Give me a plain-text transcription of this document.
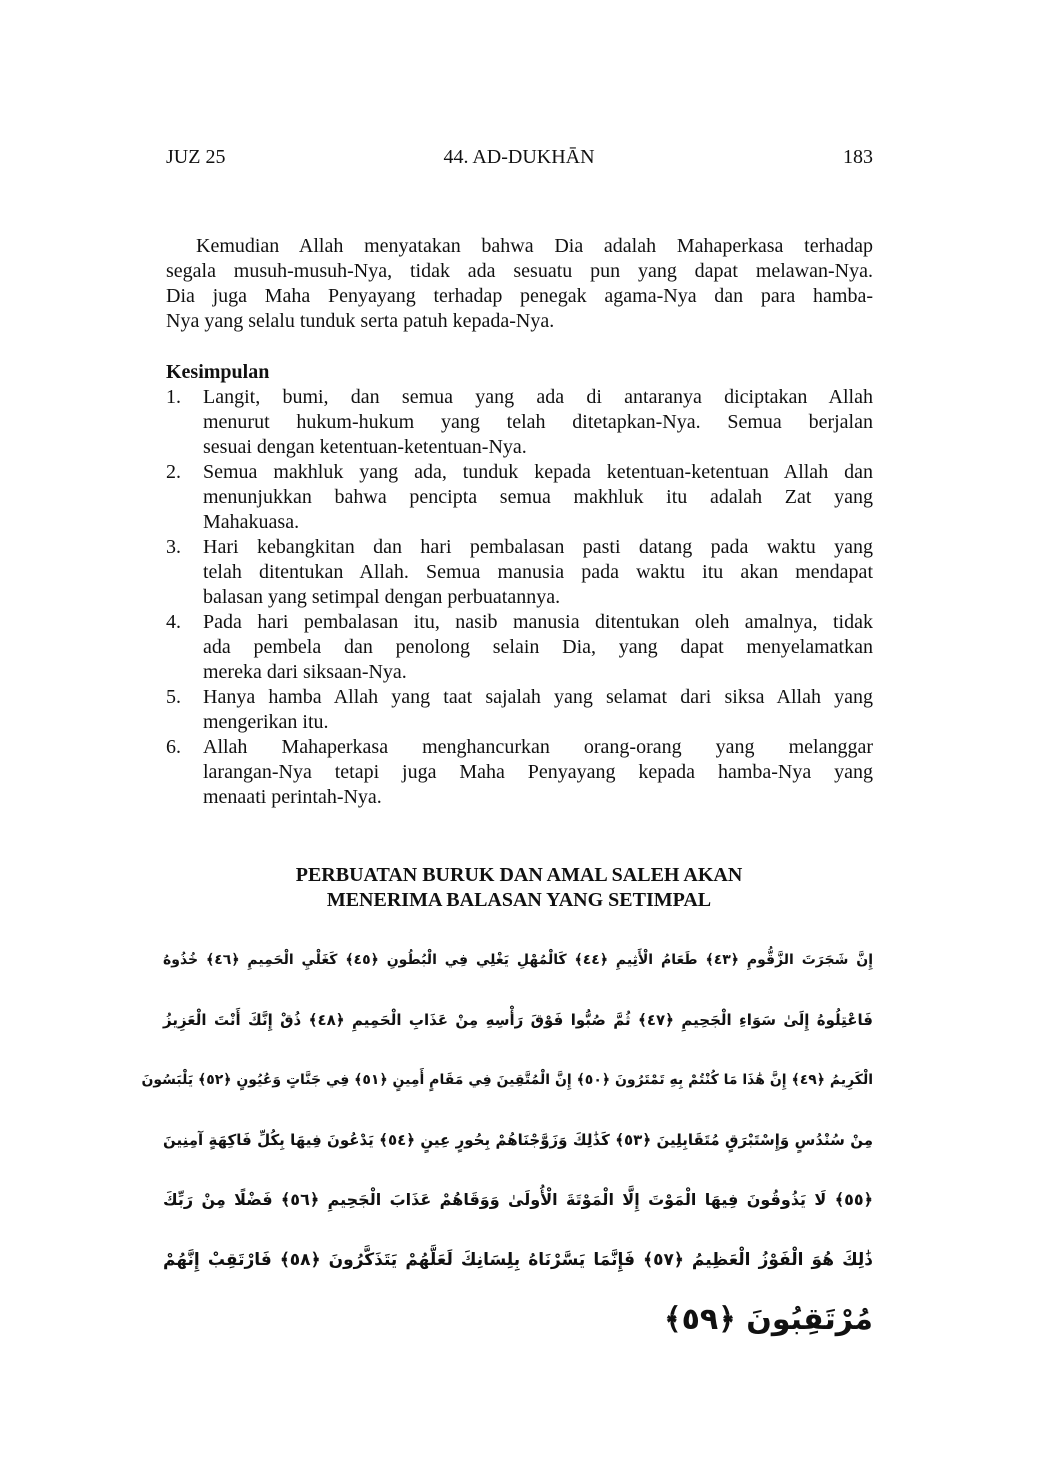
JUZ 25	44. AD-DUKHĀN	183
Kemudian Allah menyatakan bahwa Dia adalah Mahaperkasa terhadap
segala musuh-musuh-Nya, tidak ada sesuatu pun yang dapat melawan-Nya.
Dia juga Maha Penyayang terhadap penegak agama-Nya dan para hamba-
Nya yang selalu tunduk serta patuh kepada-Nya.
Kesimpulan
1.	Langit, bumi, dan semua yang ada di antaranya diciptakan Allah
menurut hukum-hukum yang telah ditetapkan-Nya. Semua berjalan
sesuai dengan ketentuan-ketentuan-Nya.
2.	Semua makhluk yang ada, tunduk kepada ketentuan-ketentuan Allah dan
menunjukkan bahwa pencipta semua makhluk itu adalah Zat yang
Mahakuasa.
3.	Hari kebangkitan dan hari pembalasan pasti datang pada waktu yang
telah ditentukan Allah. Semua manusia pada waktu itu akan mendapat
balasan yang setimpal dengan perbuatannya.
4.	Pada hari pembalasan itu, nasib manusia ditentukan oleh amalnya, tidak
ada pembela dan penolong selain Dia, yang dapat menyelamatkan
mereka dari siksaan-Nya.
5.	Hanya hamba Allah yang taat sajalah yang selamat dari siksa Allah yang
mengerikan itu.
6.	Allah Mahaperkasa menghancurkan orang-orang yang melanggar
larangan-Nya tetapi juga Maha Penyayang kepada hamba-Nya yang
menaati perintah-Nya.
PERBUATAN BURUK DAN AMAL SALEH AKAN
MENERIMA BALASAN YANG SETIMPAL
إِنَّ شَجَرَتَ الزَّقُّومِ ﴿٤٣﴾ طَعَامُ الْأَثِيمِ ﴿٤٤﴾ كَالْمُهْلِ يَغْلِي فِي الْبُطُونِ ﴿٤٥﴾ كَغَلْيِ الْحَمِيمِ ﴿٤٦﴾ خُذُوهُ
فَاعْتِلُوهُ إِلَىٰ سَوَاءِ الْجَحِيمِ ﴿٤٧﴾ ثُمَّ صُبُّوا فَوْقَ رَأْسِهِ مِنْ عَذَابِ الْحَمِيمِ ﴿٤٨﴾ ذُقْ إِنَّكَ أَنْتَ الْعَزِيزُ
الْكَرِيمُ ﴿٤٩﴾ إِنَّ هَٰذَا مَا كُنْتُمْ بِهِ تَمْتَرُونَ ﴿٥٠﴾ إِنَّ الْمُتَّقِينَ فِي مَقَامٍ أَمِينٍ ﴿٥١﴾ فِي جَنَّاتٍ وَعُيُونٍ ﴿٥٢﴾ يَلْبَسُونَ
مِنْ سُنْدُسٍ وَإِسْتَبْرَقٍ مُتَقَابِلِينَ ﴿٥٣﴾ كَذَٰلِكَ وَزَوَّجْنَاهُمْ بِحُورٍ عِينٍ ﴿٥٤﴾ يَدْعُونَ فِيهَا بِكُلِّ فَاكِهَةٍ آمِنِينَ
﴿٥٥﴾ لَا يَذُوقُونَ فِيهَا الْمَوْتَ إِلَّا الْمَوْتَةَ الْأُولَىٰ وَوَقَاهُمْ عَذَابَ الْجَحِيمِ ﴿٥٦﴾ فَضْلًا مِنْ رَبِّكَ
ذَٰلِكَ هُوَ الْفَوْزُ الْعَظِيمُ ﴿٥٧﴾ فَإِنَّمَا يَسَّرْنَاهُ بِلِسَانِكَ لَعَلَّهُمْ يَتَذَكَّرُونَ ﴿٥٨﴾ فَارْتَقِبْ إِنَّهُمْ
مُرْتَقِبُونَ ﴿٥٩﴾
